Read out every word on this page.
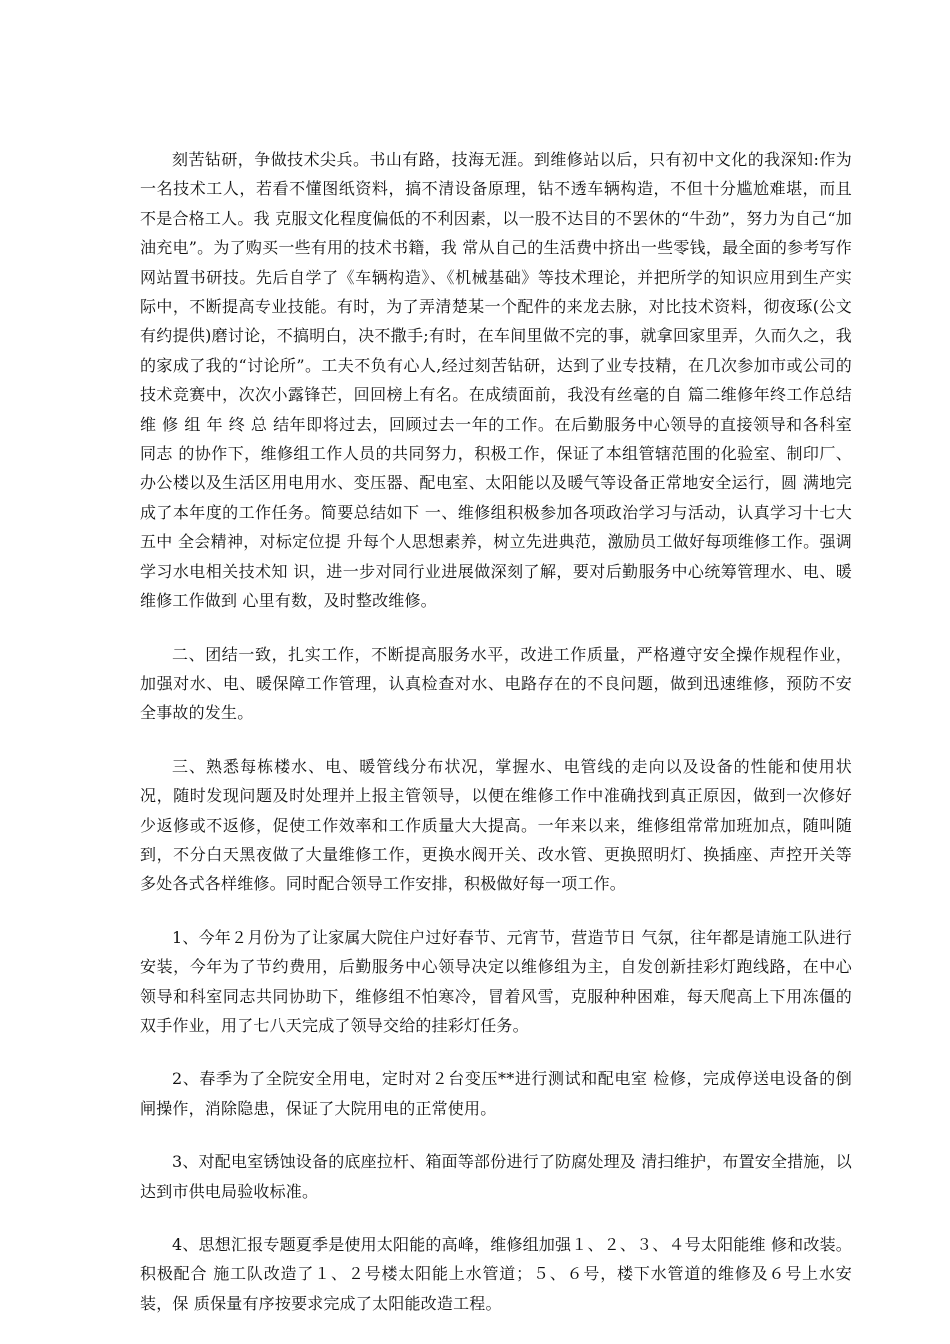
刻苦钻研，争做技术尖兵。书山有路，技海无涯。到维修站以后，只有初中文化的我深知:作为一名技术工人，若看不懂图纸资料，搞不清设备原理，钻不透车辆构造，不但十分尴尬难堪，而且不是合格工人。我 克服文化程度偏低的不利因素，以一股不达目的不罢休的“牛劲”，努力为自己“加油充电”。为了购买一些有用的技术书籍，我 常从自己的生活费中挤出一些零钱，最全面的参考写作网站置书研技。先后自学了《车辆构造》、《机械基础》等技术理论，并把所学的知识应用到生产实际中，不断提高专业技能。有时，为了弄清楚某一个配件的来龙去脉，对比技术资料，彻夜琢(公文有约提供)磨讨论，不搞明白，决不撒手;有时，在车间里做不完的事，就拿回家里弄，久而久之，我的家成了我的“讨论所”。工夫不负有心人,经过刻苦钻研，达到了业专技精，在几次参加市或公司的技术竞赛中，次次小露锋芒，回回榜上有名。在成绩面前，我没有丝毫的自 篇二维修年终工作总结 维 修 组 年 终 总 结年即将过去，回顾过去一年的工作。在后勤服务中心领导的直接领导和各科室同志 的协作下，维修组工作人员的共同努力，积极工作，保证了本组管辖范围的化验室、制印厂、 办公楼以及生活区用电用水、变压器、配电室、太阳能以及暖气等设备正常地安全运行，圆 满地完成了本年度的工作任务。简要总结如下 一、维修组积极参加各项政治学习与活动，认真学习十七大五中 全会精神，对标定位提 升每个人思想素养，树立先进典范，激励员工做好每项维修工作。强调学习水电相关技术知 识，进一步对同行业进展做深刻了解，要对后勤服务中心统筹管理水、电、暖维修工作做到 心里有数，及时整改维修。

二、团结一致，扎实工作，不断提高服务水平，改进工作质量，严格遵守安全操作规程作业，加强对水、电、暖保障工作管理，认真检查对水、电路存在的不良问题，做到迅速维修，预防不安全事故的发生。

三、熟悉每栋楼水、电、暖管线分布状况，掌握水、电管线的走向以及设备的性能和使用状况，随时发现问题及时处理并上报主管领导，以便在维修工作中准确找到真正原因，做到一次修好少返修或不返修，促使工作效率和工作质量大大提高。一年来以来，维修组常常加班加点，随叫随到，不分白天黑夜做了大量维修工作，更换水阀开关、改水管、更换照明灯、换插座、声控开关等多处各式各样维修。同时配合领导工作安排，积极做好每一项工作。

1、今年２月份为了让家属大院住户过好春节、元宵节，营造节日 气氛，往年都是请施工队进行安装，今年为了节约费用，后勤服务中心领导决定以维修组为主，自发创新挂彩灯跑线路，在中心领导和科室同志共同协助下，维修组不怕寒冷，冒着风雪，克服种种困难，每天爬高上下用冻僵的双手作业，用了七八天完成了领导交给的挂彩灯任务。

2、春季为了全院安全用电，定时对２台变压**进行测试和配电室 检修，完成停送电设备的倒闸操作，消除隐患，保证了大院用电的正常使用。

3、对配电室锈蚀设备的底座拉杆、箱面等部份进行了防腐处理及 清扫维护，布置安全措施，以达到市供电局验收标准。

4、思想汇报专题夏季是使用太阳能的高峰，维修组加强１、２、３、４号太阳能维 修和改装。积极配合 施工队改造了１、２号楼太阳能上水管道；５、６号，楼下水管道的维修及６号上水安装，保 质保量有序按要求完成了太阳能改造工程。
